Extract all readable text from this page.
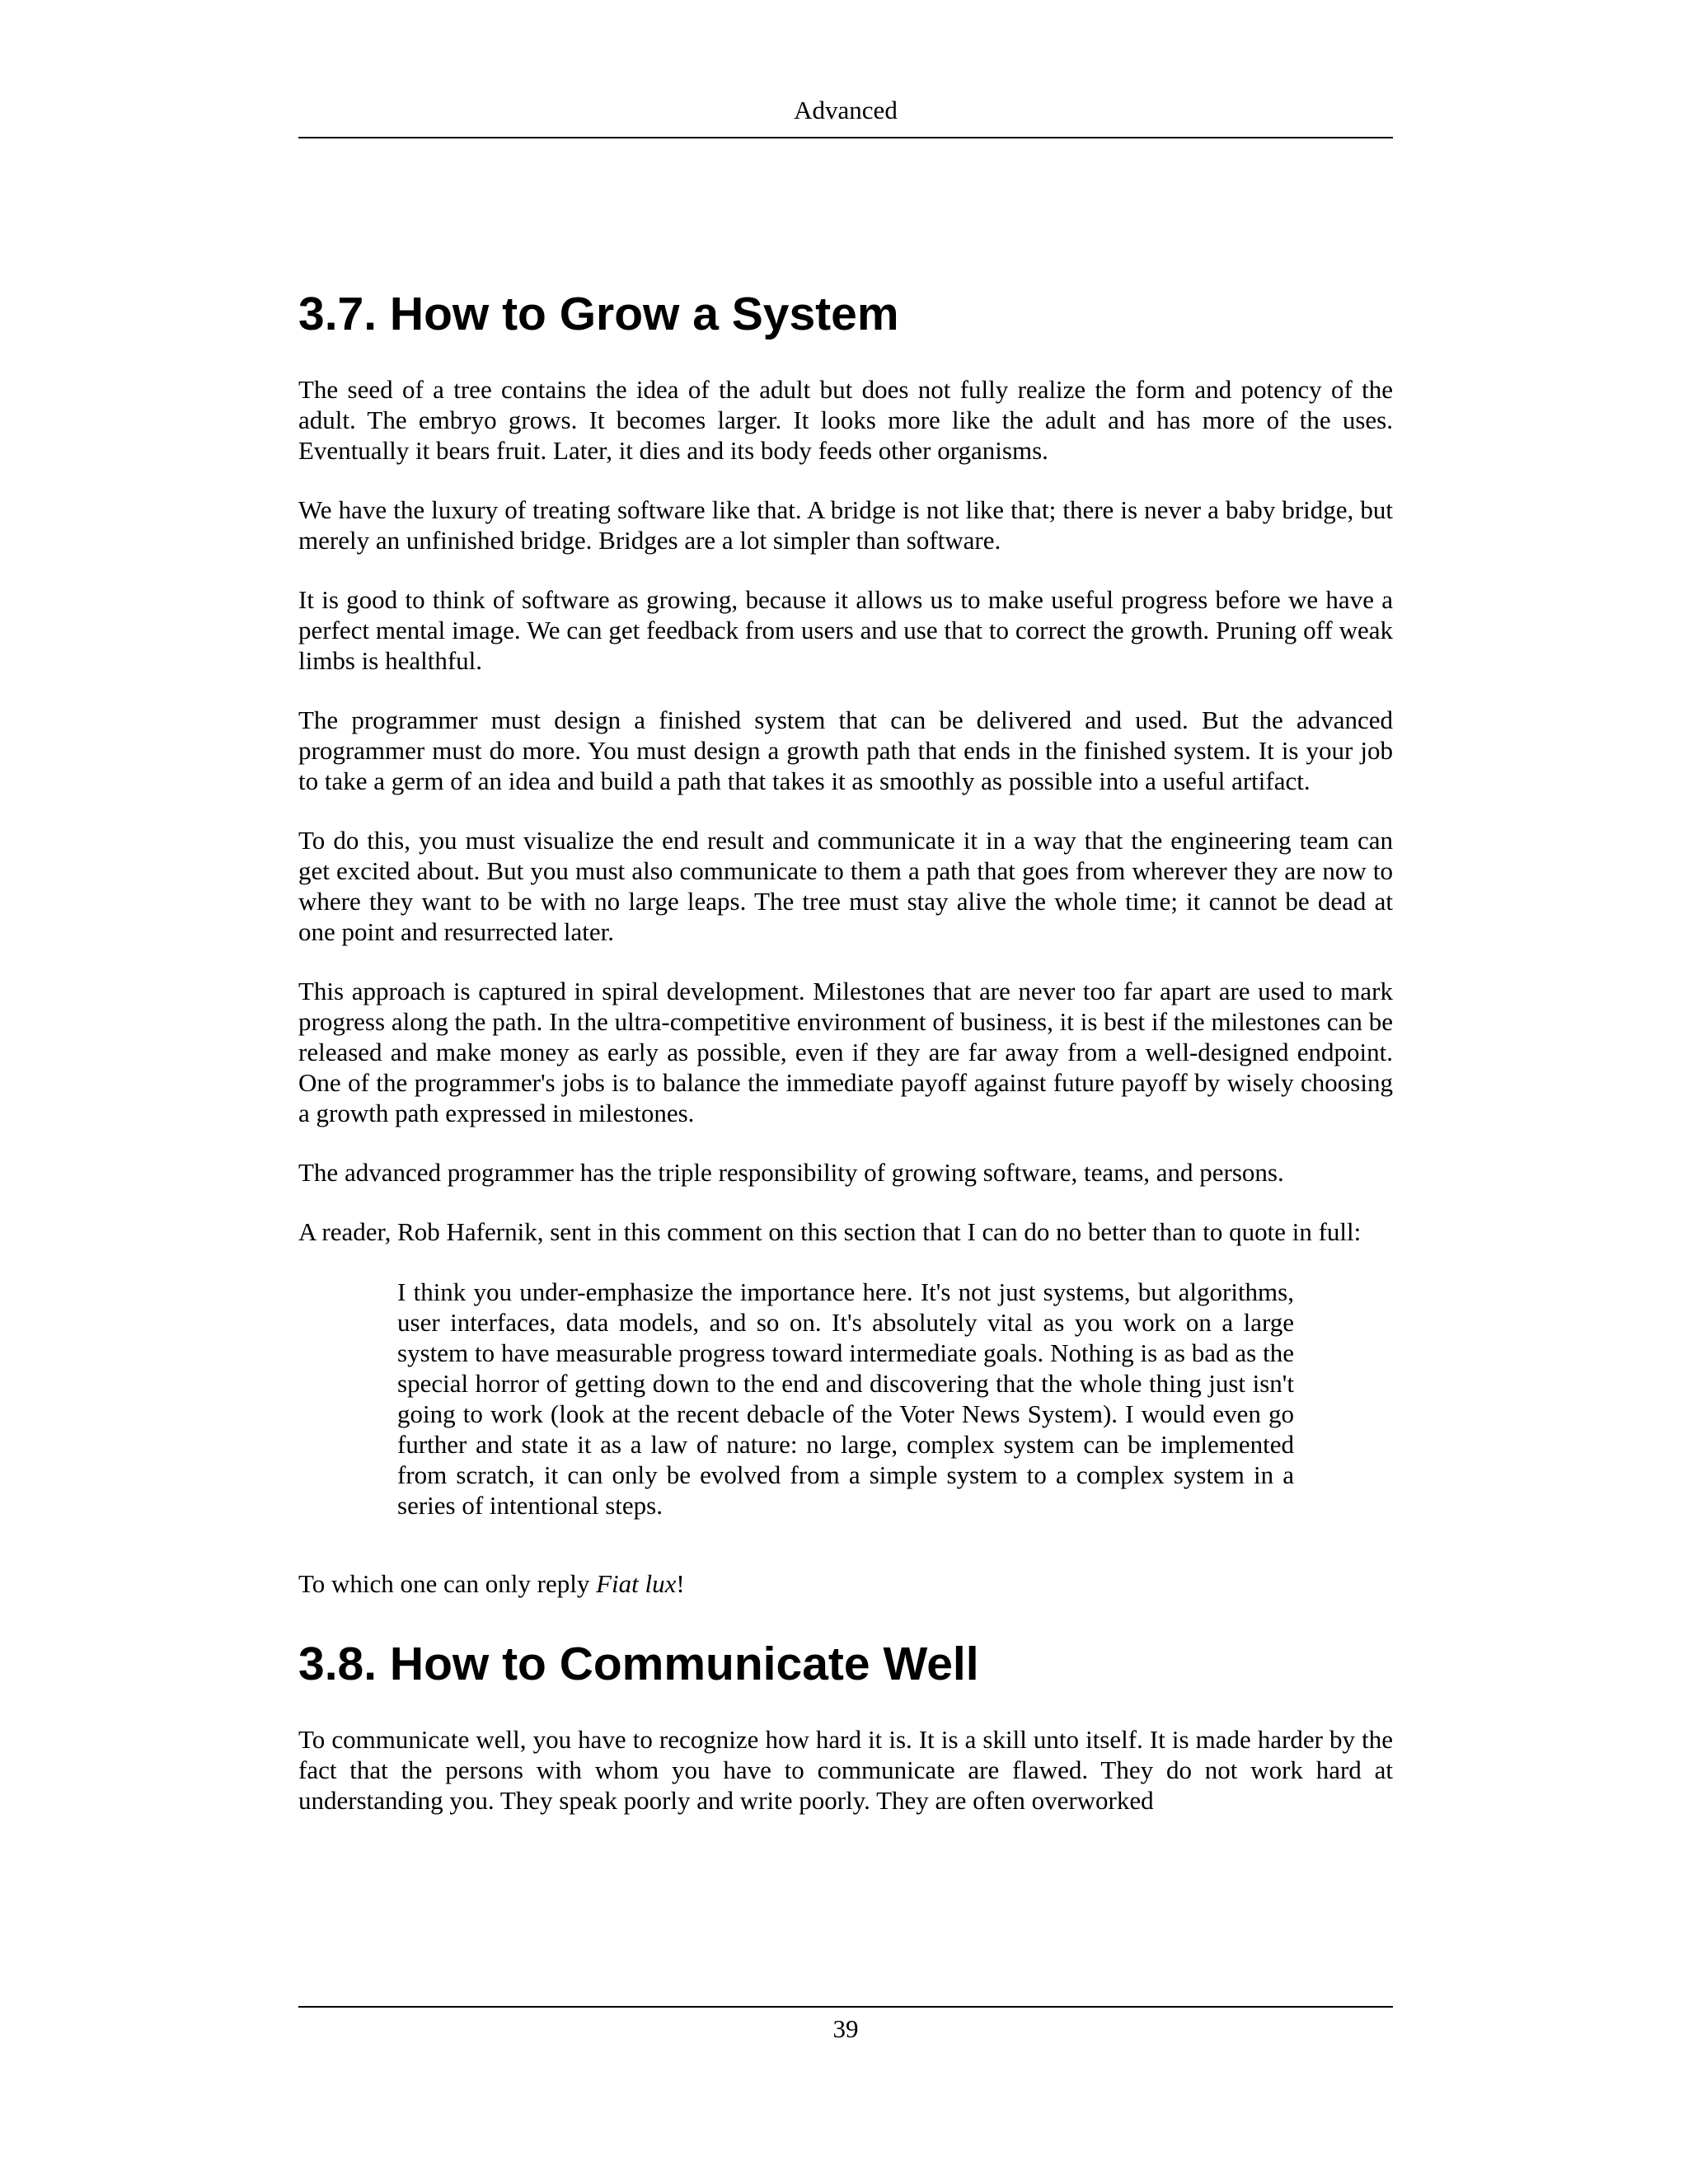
Advanced
3.7. How to Grow a System

The seed of a tree contains the idea of the adult but does not fully realize the form and potency of the adult. The embryo grows. It becomes larger. It looks more like the adult and has more of the uses. Eventually it bears fruit. Later, it dies and its body feeds other organisms.

We have the luxury of treating software like that. A bridge is not like that; there is never a baby bridge, but merely an unfinished bridge. Bridges are a lot simpler than software.

It is good to think of software as growing, because it allows us to make useful progress before we have a perfect mental image. We can get feedback from users and use that to correct the growth. Pruning off weak limbs is healthful.

The programmer must design a finished system that can be delivered and used. But the advanced programmer must do more. You must design a growth path that ends in the finished system. It is your job to take a germ of an idea and build a path that takes it as smoothly as possible into a useful artifact.

To do this, you must visualize the end result and communicate it in a way that the engineering team can get excited about. But you must also communicate to them a path that goes from wherever they are now to where they want to be with no large leaps. The tree must stay alive the whole time; it cannot be dead at one point and resurrected later.

This approach is captured in spiral development. Milestones that are never too far apart are used to mark progress along the path. In the ultra-competitive environment of business, it is best if the milestones can be released and make money as early as possible, even if they are far away from a well-designed endpoint. One of the programmer's jobs is to balance the immediate payoff against future payoff by wisely choosing a growth path expressed in milestones.

The advanced programmer has the triple responsibility of growing software, teams, and persons.

A reader, Rob Hafernik, sent in this comment on this section that I can do no better than to quote in full:

I think you under-emphasize the importance here. It's not just systems, but algorithms, user interfaces, data models, and so on. It's absolutely vital as you work on a large system to have measurable progress toward intermediate goals. Nothing is as bad as the special horror of getting down to the end and discovering that the whole thing just isn't going to work (look at the recent debacle of the Voter News System). I would even go further and state it as a law of nature: no large, complex system can be implemented from scratch, it can only be evolved from a simple system to a complex system in a series of intentional steps.

To which one can only reply Fiat lux!

3.8. How to Communicate Well

To communicate well, you have to recognize how hard it is. It is a skill unto itself. It is made harder by the fact that the persons with whom you have to communicate are flawed. They do not work hard at understanding you. They speak poorly and write poorly. They are often overworked

39
